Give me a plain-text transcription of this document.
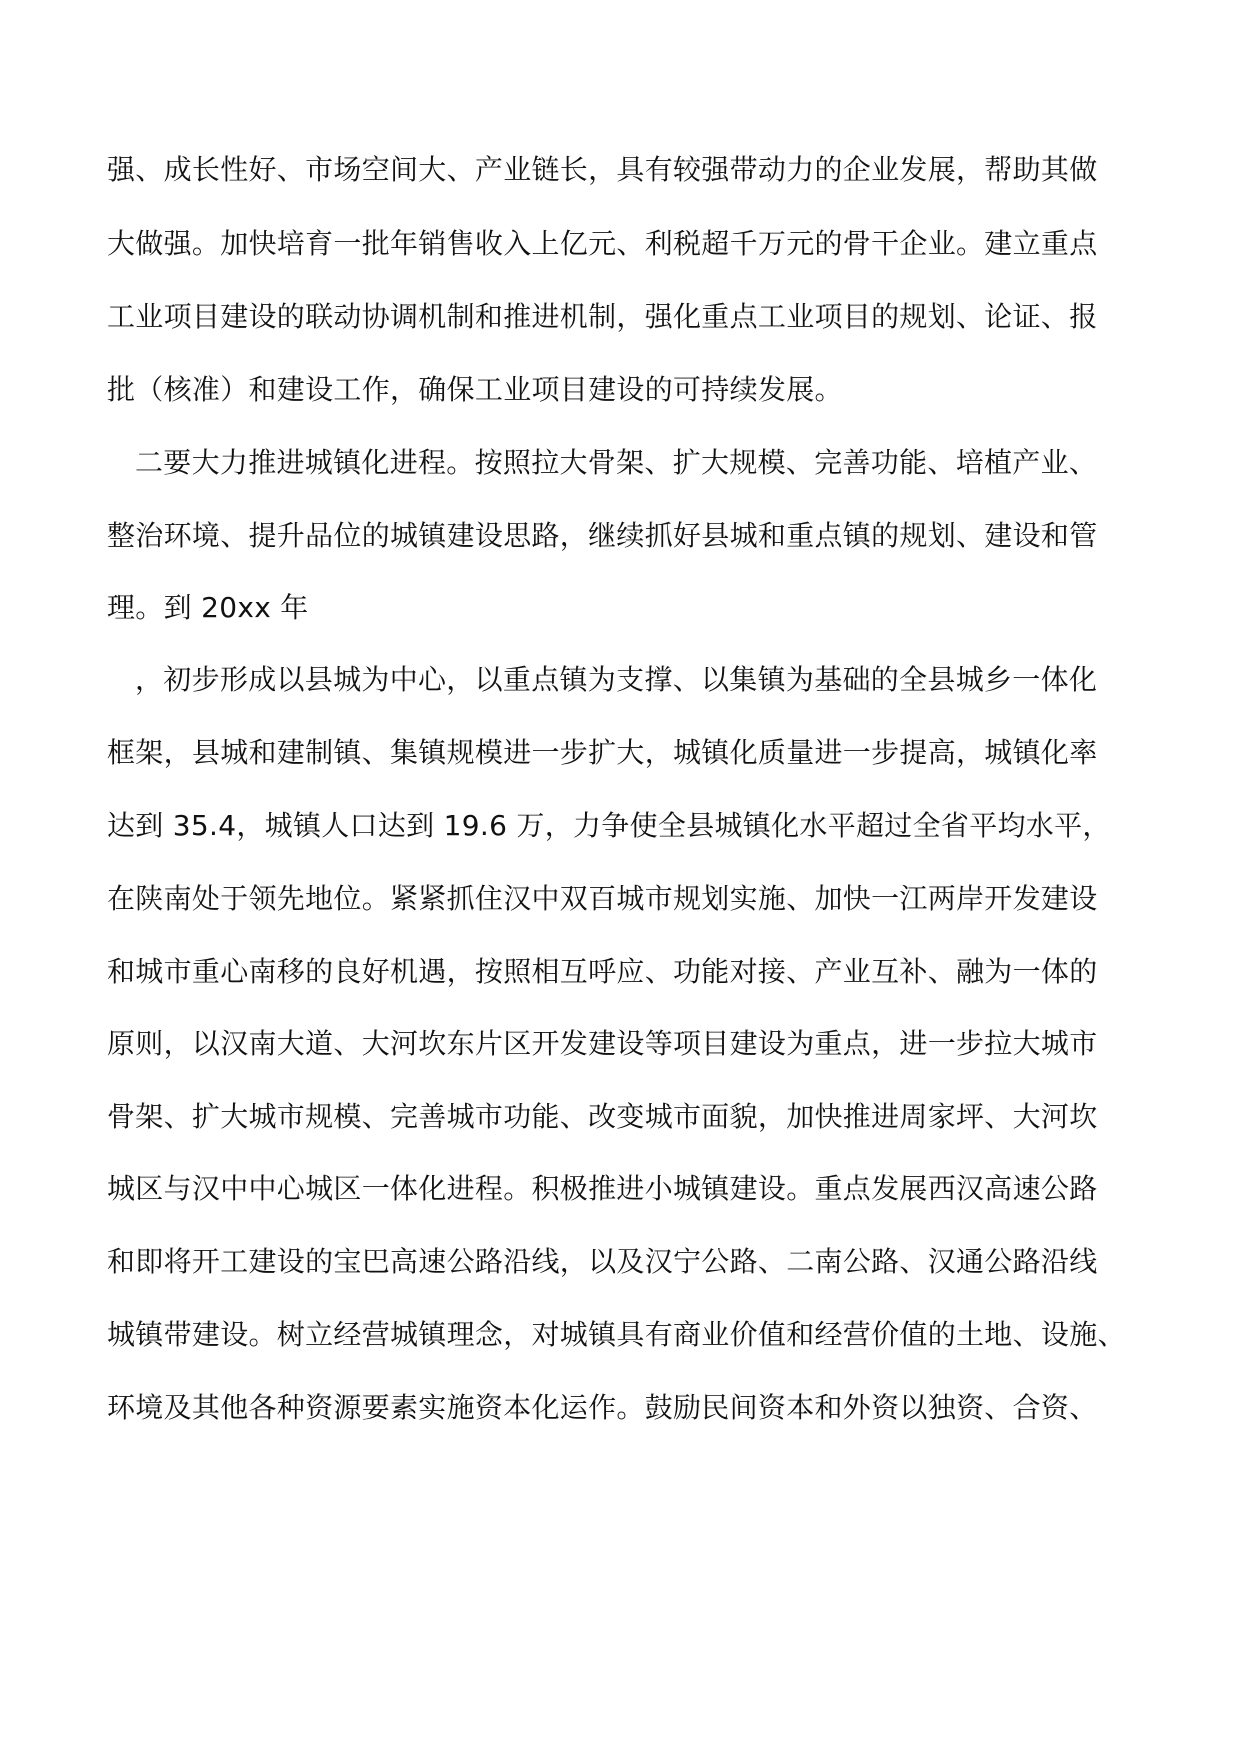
强、成长性好、市场空间大、产业链长，具有较强带动力的企业发展，帮助其做
大做强。加快培育一批年销售收入上亿元、利税超千万元的骨干企业。建立重点
工业项目建设的联动协调机制和推进机制，强化重点工业项目的规划、论证、报
批（核准）和建设工作，确保工业项目建设的可持续发展。
二要大力推进城镇化进程。按照拉大骨架、扩大规模、完善功能、培植产业、
整治环境、提升品位的城镇建设思路，继续抓好县城和重点镇的规划、建设和管
理。到 20xx 年
，初步形成以县城为中心，以重点镇为支撑、以集镇为基础的全县城乡一体化
框架，县城和建制镇、集镇规模进一步扩大，城镇化质量进一步提高，城镇化率
达到 35.4，城镇人口达到 19.6 万，力争使全县城镇化水平超过全省平均水平，
在陕南处于领先地位。紧紧抓住汉中双百城市规划实施、加快一江两岸开发建设
和城市重心南移的良好机遇，按照相互呼应、功能对接、产业互补、融为一体的
原则，以汉南大道、大河坎东片区开发建设等项目建设为重点，进一步拉大城市
骨架、扩大城市规模、完善城市功能、改变城市面貌，加快推进周家坪、大河坎
城区与汉中中心城区一体化进程。积极推进小城镇建设。重点发展西汉高速公路
和即将开工建设的宝巴高速公路沿线，以及汉宁公路、二南公路、汉通公路沿线
城镇带建设。树立经营城镇理念，对城镇具有商业价值和经营价值的土地、设施、
环境及其他各种资源要素实施资本化运作。鼓励民间资本和外资以独资、合资、
